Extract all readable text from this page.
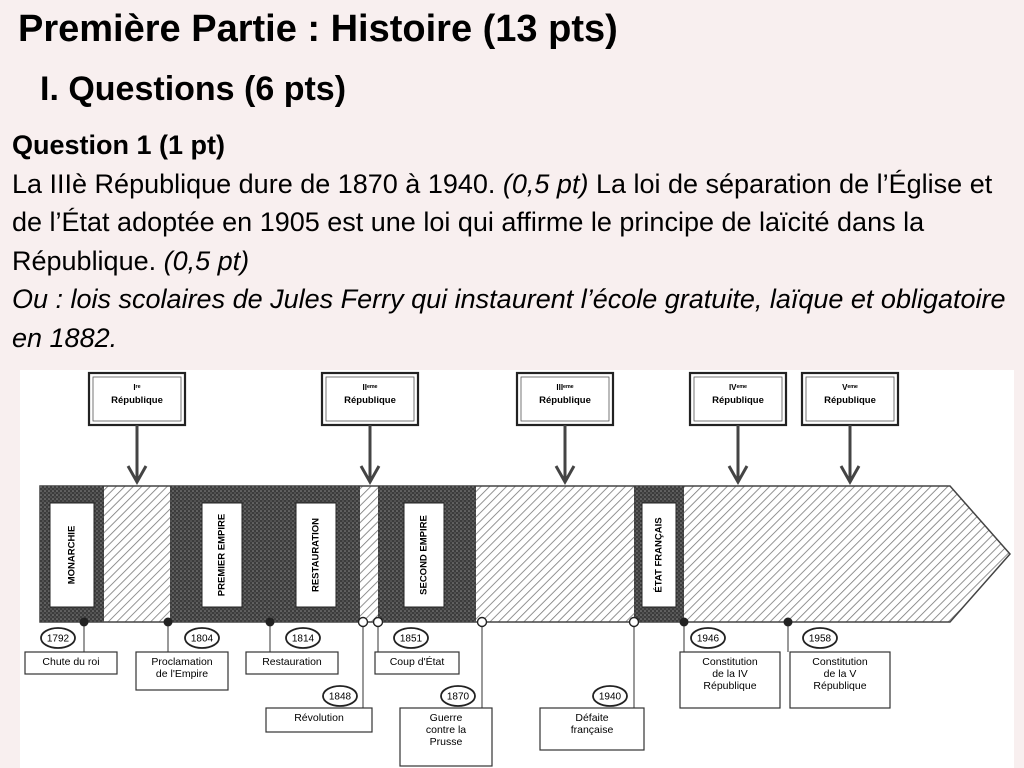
Première Partie : Histoire (13 pts)
I. Questions (6 pts)
Question 1 (1 pt)
La IIIè République dure de 1870 à 1940. (0,5 pt) La loi de séparation de l’Église et de l’État adoptée en 1905 est une loi qui affirme le principe de laïcité dans la République. (0,5 pt)
Ou : lois scolaires de Jules Ferry qui instaurent l’école gratuite, laïque et obligatoire en 1882.
MONARCHIE	PREMIER EMPIRE	RESTAURATION	SECOND EMPIRE	ÉTAT FRANÇAIS
Iʳᵉ
République
IIᵉᵐᵉ
République
IIIᵉᵐᵉ
République
IVᵉᵐᵉ
République
Vᵉᵐᵉ
République
1792
Chute du roi
1804
Proclamation
de l'Empire
1814
Restauration
1848
Révolution
1851
Coup d'État
1870
Guerre
contre la
Prusse
1940
Défaite
française
1946
Constitution
de la IV
République
1958
Constitution
de la V
République
